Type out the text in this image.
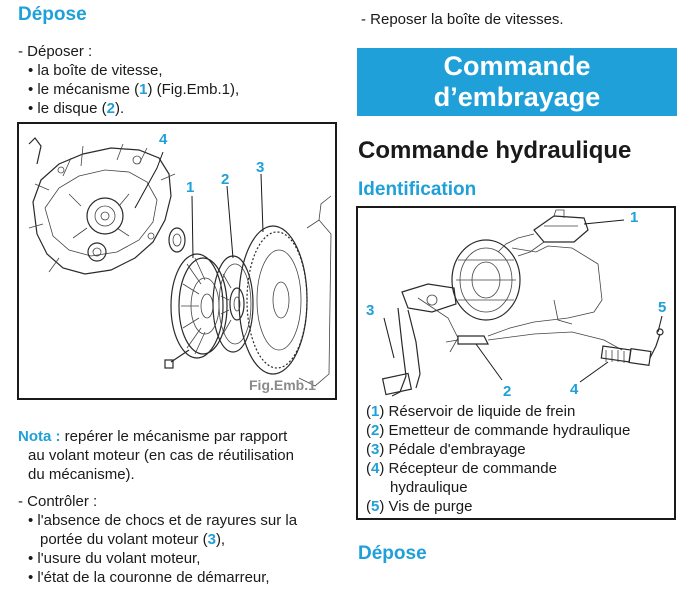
Dépose
- Déposer :
• la boîte de vitesse,
• le mécanisme (1) (Fig.Emb.1),
• le disque (2).
4
1 2
3
Fig.Emb.1
Nota : repérer le mécanisme par rapport
au volant moteur (en cas de réutilisation
du mécanisme).
- Contrôler :
• l'absence de chocs et de rayures sur la
portée du volant moteur (3),
• l'usure du volant moteur,
• l'état de la couronne de démarreur,
- Reposer la boîte de vitesses.
Commande
d’embrayage
Commande hydraulique
Identification
1
3
2	4
5
(1) Réservoir de liquide de frein
(2) Emetteur de commande hydraulique
(3) Pédale d'embrayage
(4) Récepteur de commande
hydraulique
(5) Vis de purge
Dépose
